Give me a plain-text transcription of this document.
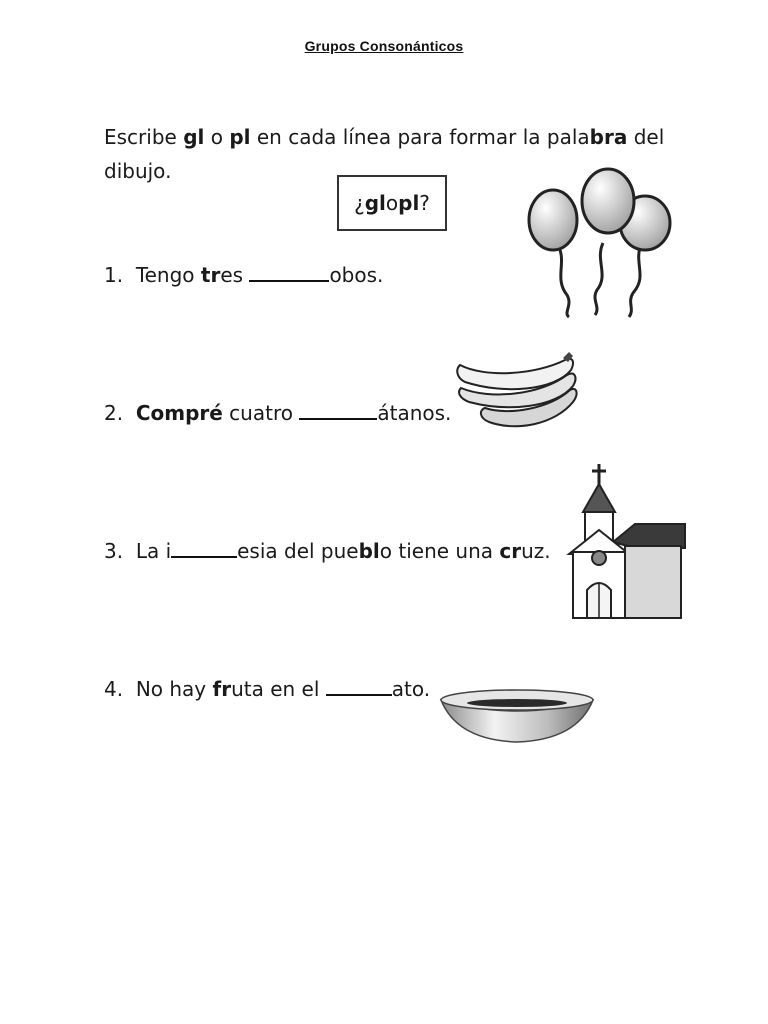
Grupos Consonánticos
Escribe gl o pl en cada línea para formar la palabra del dibujo.
¿ gl o pl ?
1. Tengo tres	obos.
2. Compré cuatro	átanos.
3. La i	esia del pueblo tiene una cruz.
4. No hay fruta en el	ato.
